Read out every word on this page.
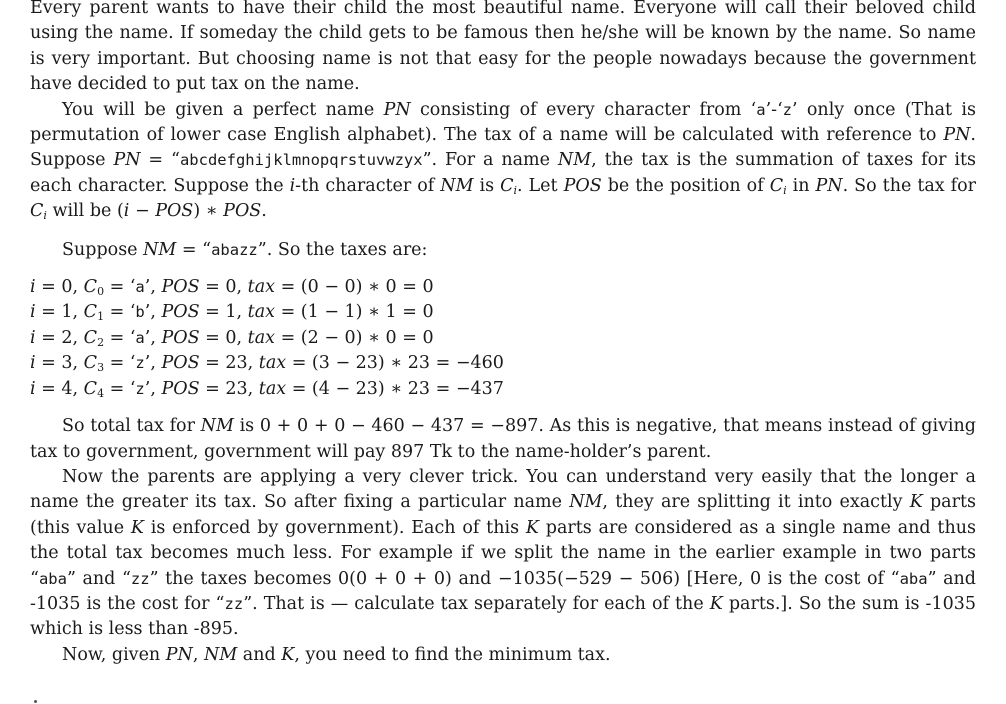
Every parent wants to have their child the most beautiful name. Everyone will call their beloved child using the name. If someday the child gets to be famous then he/she will be known by the name. So name is very important. But choosing name is not that easy for the people nowadays because the government have decided to put tax on the name.

You will be given a perfect name PN consisting of every character from ‘a’-‘z’ only once (That is permutation of lower case English alphabet). The tax of a name will be calculated with reference to PN. Suppose PN = “abcdefghijklmnopqrstuvwzyx”. For a name NM, the tax is the summation of taxes for its each character. Suppose the i-th character of NM is $C_i$. Let POS be the position of $C_i$ in PN. So the tax for $C_i$ will be (i − POS) ∗ POS.

Suppose NM = “abazz”. So the taxes are:

i = 0, $C_0$ = ‘a’, POS = 0, tax = (0 − 0) ∗ 0 = 0

i = 1, $C_1$ = ‘b’, POS = 1, tax = (1 − 1) ∗ 1 = 0

i = 2, $C_2$ = ‘a’, POS = 0, tax = (2 − 0) ∗ 0 = 0

i = 3, $C_3$ = ‘z’, POS = 23, tax = (3 − 23) ∗ 23 = −460

i = 4, $C_4$ = ‘z’, POS = 23, tax = (4 − 23) ∗ 23 = −437

So total tax for NM is 0 + 0 + 0 − 460 − 437 = −897. As this is negative, that means instead of giving tax to government, government will pay 897 Tk to the name-holder’s parent.

Now the parents are applying a very clever trick. You can understand very easily that the longer a name the greater its tax. So after fixing a particular name NM, they are splitting it into exactly K parts (this value K is enforced by government). Each of this K parts are considered as a single name and thus the total tax becomes much less. For example if we split the name in the earlier example in two parts “aba” and “zz” the taxes becomes 0(0 + 0 + 0) and −1035(−529 − 506) [Here, 0 is the cost of “aba” and -1035 is the cost for “zz”. That is — calculate tax separately for each of the K parts.]. So the sum is -1035 which is less than -895.

Now, given PN, NM and K, you need to find the minimum tax.
